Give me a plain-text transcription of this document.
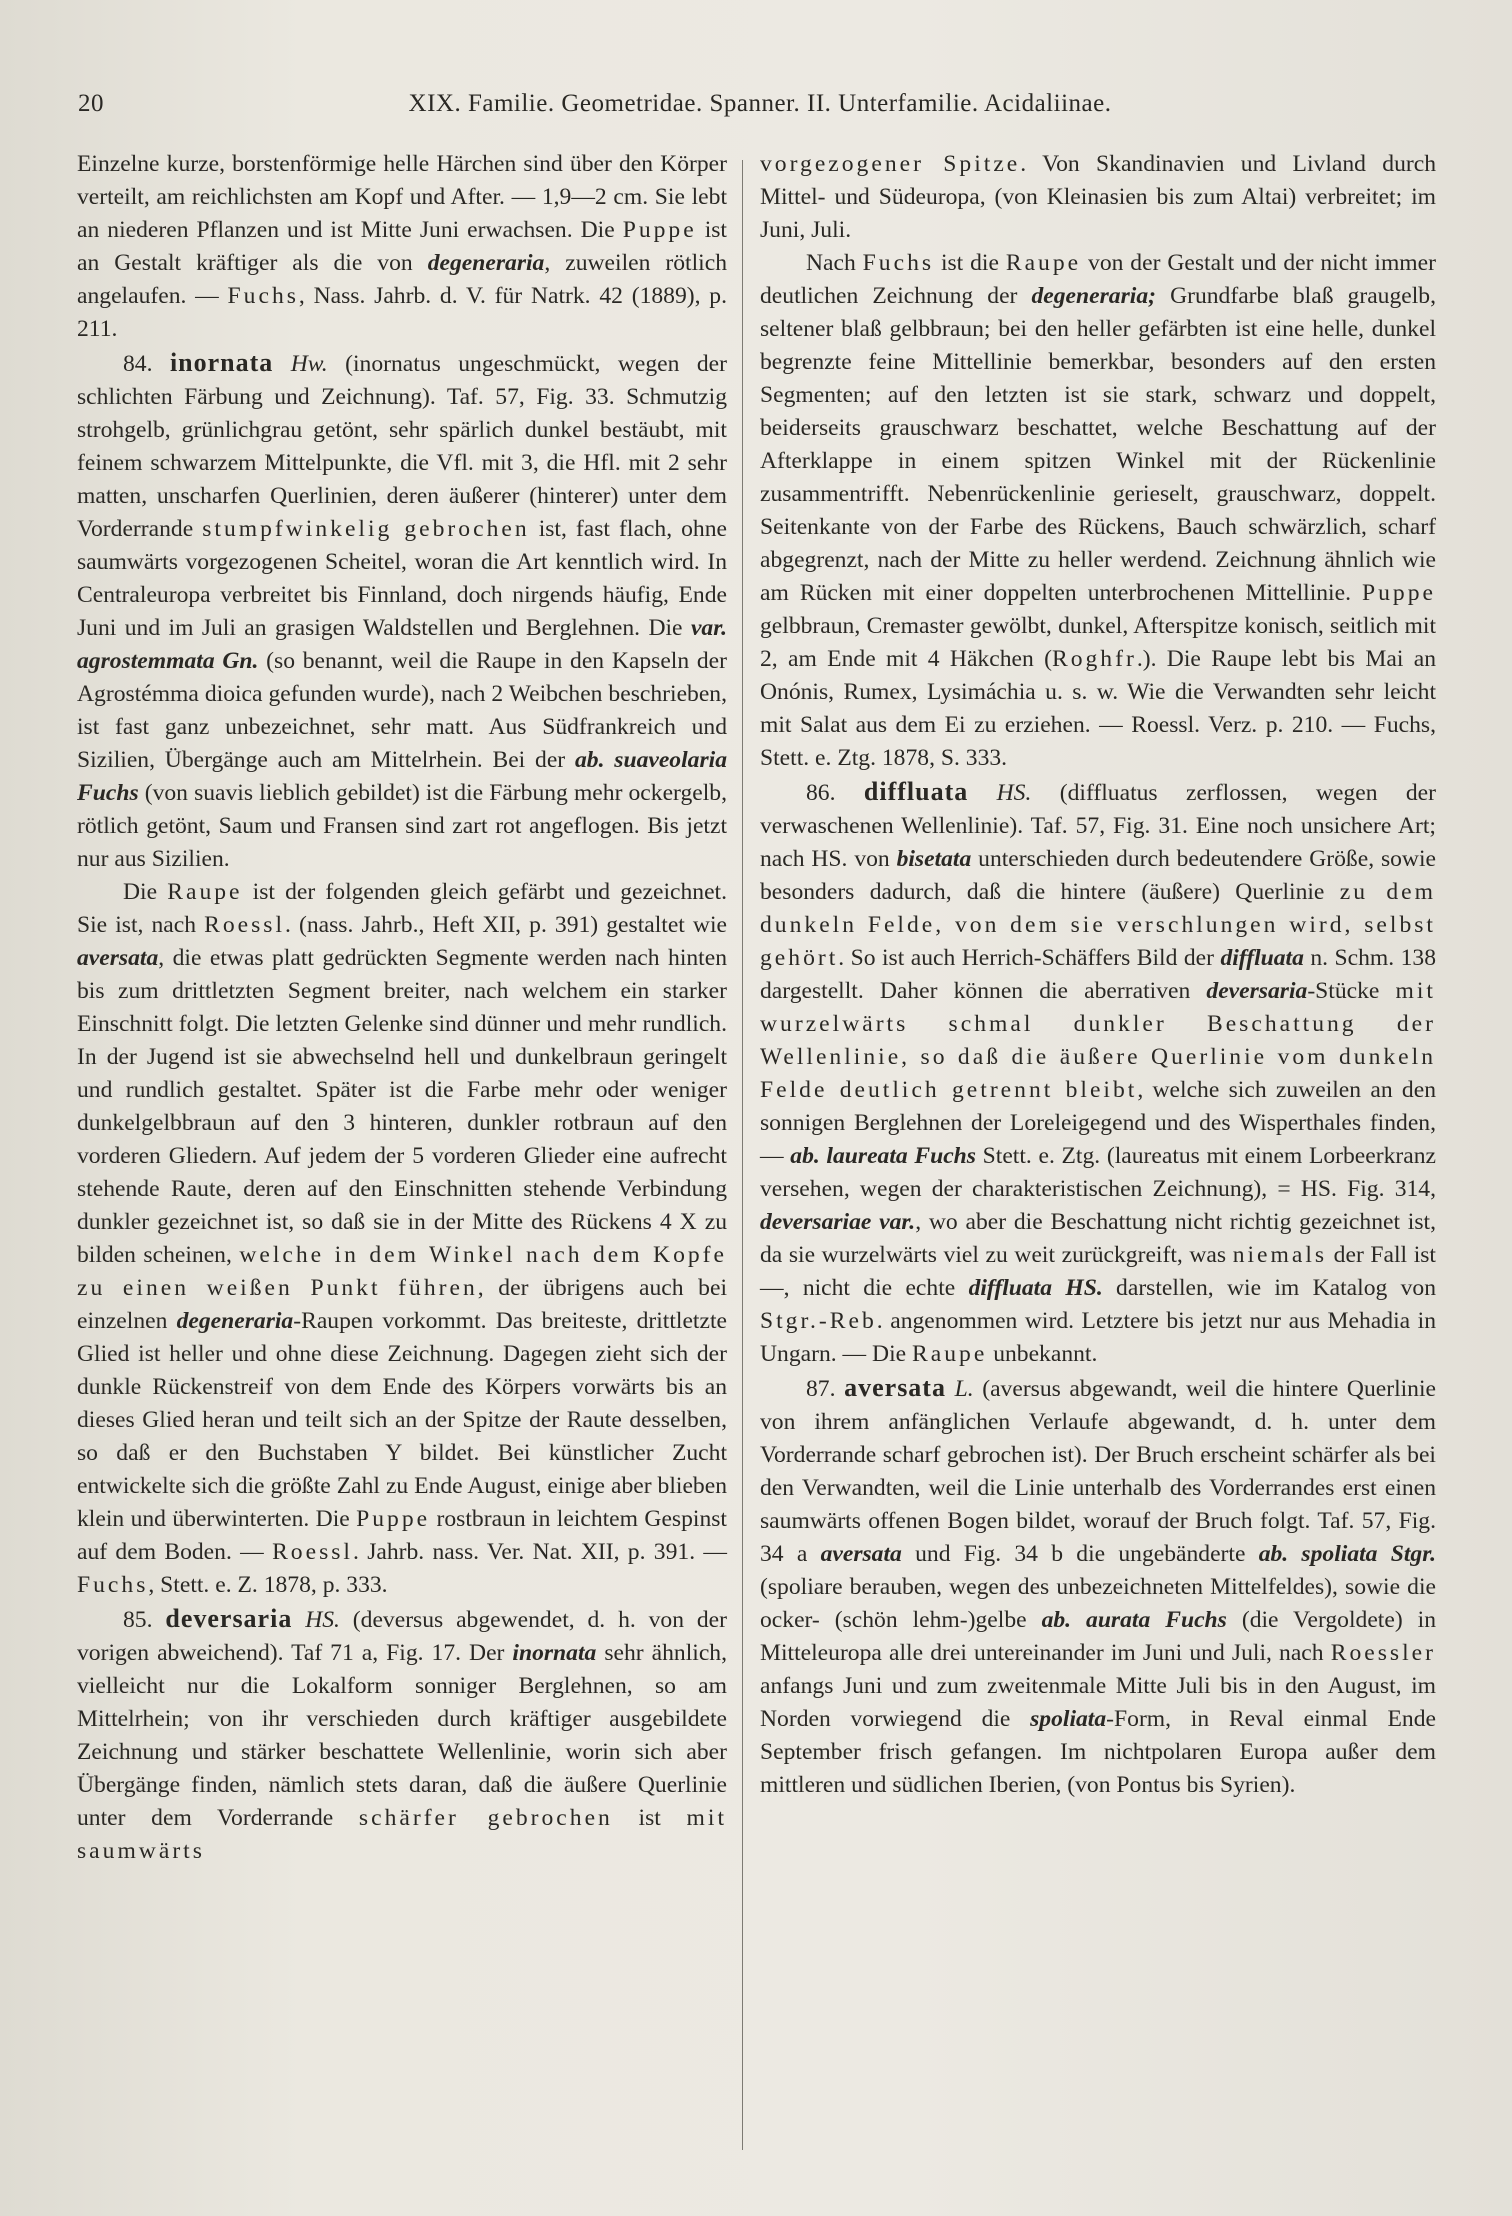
20	XIX. Familie. Geometridae. Spanner. II. Unterfamilie. Acidaliinae.

Einzelne kurze, borstenförmige helle Härchen sind über den Körper verteilt, am reichlichsten am Kopf und After. — 1,9—2 cm. Sie lebt an niederen Pflanzen und ist Mitte Juni erwachsen. Die Puppe ist an Gestalt kräftiger als die von degeneraria, zuweilen rötlich angelaufen. — Fuchs, Nass. Jahrb. d. V. für Natrk. 42 (1889), p. 211.

84. inornata Hw. (inornatus ungeschmückt, wegen der schlichten Färbung und Zeichnung). Taf. 57, Fig. 33. Schmutzig strohgelb, grünlichgrau getönt, sehr spärlich dunkel bestäubt, mit feinem schwarzem Mittelpunkte, die Vfl. mit 3, die Hfl. mit 2 sehr matten, unscharfen Querlinien, deren äußerer (hinterer) unter dem Vorderrande stumpfwinkelig gebrochen ist, fast flach, ohne saumwärts vorgezogenen Scheitel, woran die Art kenntlich wird. In Centraleuropa verbreitet bis Finnland, doch nirgends häufig, Ende Juni und im Juli an grasigen Waldstellen und Berglehnen. Die var. agrostemmata Gn. (so benannt, weil die Raupe in den Kapseln der Agrostémma dioica gefunden wurde), nach 2 Weibchen beschrieben, ist fast ganz unbezeichnet, sehr matt. Aus Südfrankreich und Sizilien, Übergänge auch am Mittelrhein. Bei der ab. suaveolaria Fuchs (von suavis lieblich gebildet) ist die Färbung mehr ockergelb, rötlich getönt, Saum und Fransen sind zart rot angeflogen. Bis jetzt nur aus Sizilien.

Die Raupe ist der folgenden gleich gefärbt und gezeichnet. Sie ist, nach Roessl. (nass. Jahrb., Heft XII, p. 391) gestaltet wie aversata, die etwas platt gedrückten Segmente werden nach hinten bis zum drittletzten Segment breiter, nach welchem ein starker Einschnitt folgt. Die letzten Gelenke sind dünner und mehr rundlich. In der Jugend ist sie abwechselnd hell und dunkelbraun geringelt und rundlich gestaltet. Später ist die Farbe mehr oder weniger dunkelgelbbraun auf den 3 hinteren, dunkler rotbraun auf den vorderen Gliedern. Auf jedem der 5 vorderen Glieder eine aufrecht stehende Raute, deren auf den Einschnitten stehende Verbindung dunkler gezeichnet ist, so daß sie in der Mitte des Rückens 4 X zu bilden scheinen, welche in dem Winkel nach dem Kopfe zu einen weißen Punkt führen, der übrigens auch bei einzelnen degeneraria-Raupen vorkommt. Das breiteste, drittletzte Glied ist heller und ohne diese Zeichnung. Dagegen zieht sich der dunkle Rückenstreif von dem Ende des Körpers vorwärts bis an dieses Glied heran und teilt sich an der Spitze der Raute desselben, so daß er den Buchstaben Y bildet. Bei künstlicher Zucht entwickelte sich die größte Zahl zu Ende August, einige aber blieben klein und überwinterten. Die Puppe rostbraun in leichtem Gespinst auf dem Boden. — Roessl. Jahrb. nass. Ver. Nat. XII, p. 391. — Fuchs, Stett. e. Z. 1878, p. 333.

85. deversaria HS. (deversus abgewendet, d. h. von der vorigen abweichend). Taf 71 a, Fig. 17. Der inornata sehr ähnlich, vielleicht nur die Lokalform sonniger Berglehnen, so am Mittelrhein; von ihr verschieden durch kräftiger ausgebildete Zeichnung und stärker beschattete Wellenlinie, worin sich aber Übergänge finden, nämlich stets daran, daß die äußere Querlinie unter dem Vorderrande schärfer gebrochen ist mit saumwärts

vorgezogener Spitze. Von Skandinavien und Livland durch Mittel- und Südeuropa, (von Kleinasien bis zum Altai) verbreitet; im Juni, Juli.

Nach Fuchs ist die Raupe von der Gestalt und der nicht immer deutlichen Zeichnung der degeneraria; Grundfarbe blaß graugelb, seltener blaß gelbbraun; bei den heller gefärbten ist eine helle, dunkel begrenzte feine Mittellinie bemerkbar, besonders auf den ersten Segmenten; auf den letzten ist sie stark, schwarz und doppelt, beiderseits grauschwarz beschattet, welche Beschattung auf der Afterklappe in einem spitzen Winkel mit der Rückenlinie zusammentrifft. Nebenrückenlinie gerieselt, grauschwarz, doppelt. Seitenkante von der Farbe des Rückens, Bauch schwärzlich, scharf abgegrenzt, nach der Mitte zu heller werdend. Zeichnung ähnlich wie am Rücken mit einer doppelten unterbrochenen Mittellinie. Puppe gelbbraun, Cremaster gewölbt, dunkel, Afterspitze konisch, seitlich mit 2, am Ende mit 4 Häkchen (Roghfr.). Die Raupe lebt bis Mai an Onónis, Rumex, Lysimáchia u. s. w. Wie die Verwandten sehr leicht mit Salat aus dem Ei zu erziehen. — Roessl. Verz. p. 210. — Fuchs, Stett. e. Ztg. 1878, S. 333.

86. diffluata HS. (diffluatus zerflossen, wegen der verwaschenen Wellenlinie). Taf. 57, Fig. 31. Eine noch unsichere Art; nach HS. von bisetata unterschieden durch bedeutendere Größe, sowie besonders dadurch, daß die hintere (äußere) Querlinie zu dem dunkeln Felde, von dem sie verschlungen wird, selbst gehört. So ist auch Herrich-Schäffers Bild der diffluata n. Schm. 138 dargestellt. Daher können die aberrativen deversaria-Stücke mit wurzelwärts schmal dunkler Beschattung der Wellenlinie, so daß die äußere Querlinie vom dunkeln Felde deutlich getrennt bleibt, welche sich zuweilen an den sonnigen Berglehnen der Loreleigegend und des Wisperthales finden, — ab. laureata Fuchs Stett. e. Ztg. (laureatus mit einem Lorbeerkranz versehen, wegen der charakteristischen Zeichnung), = HS. Fig. 314, deversariae var., wo aber die Beschattung nicht richtig gezeichnet ist, da sie wurzelwärts viel zu weit zurückgreift, was niemals der Fall ist —, nicht die echte diffluata HS. darstellen, wie im Katalog von Stgr.-Reb. angenommen wird. Letztere bis jetzt nur aus Mehadia in Ungarn. — Die Raupe unbekannt.

87. aversata L. (aversus abgewandt, weil die hintere Querlinie von ihrem anfänglichen Verlaufe abgewandt, d. h. unter dem Vorderrande scharf gebrochen ist). Der Bruch erscheint schärfer als bei den Verwandten, weil die Linie unterhalb des Vorderrandes erst einen saumwärts offenen Bogen bildet, worauf der Bruch folgt. Taf. 57, Fig. 34 a aversata und Fig. 34 b die ungebänderte ab. spoliata Stgr. (spoliare berauben, wegen des unbezeichneten Mittelfeldes), sowie die ocker- (schön lehm-)gelbe ab. aurata Fuchs (die Vergoldete) in Mitteleuropa alle drei untereinander im Juni und Juli, nach Roessler anfangs Juni und zum zweitenmale Mitte Juli bis in den August, im Norden vorwiegend die spoliata-Form, in Reval einmal Ende September frisch gefangen. Im nichtpolaren Europa außer dem mittleren und südlichen Iberien, (von Pontus bis Syrien).
